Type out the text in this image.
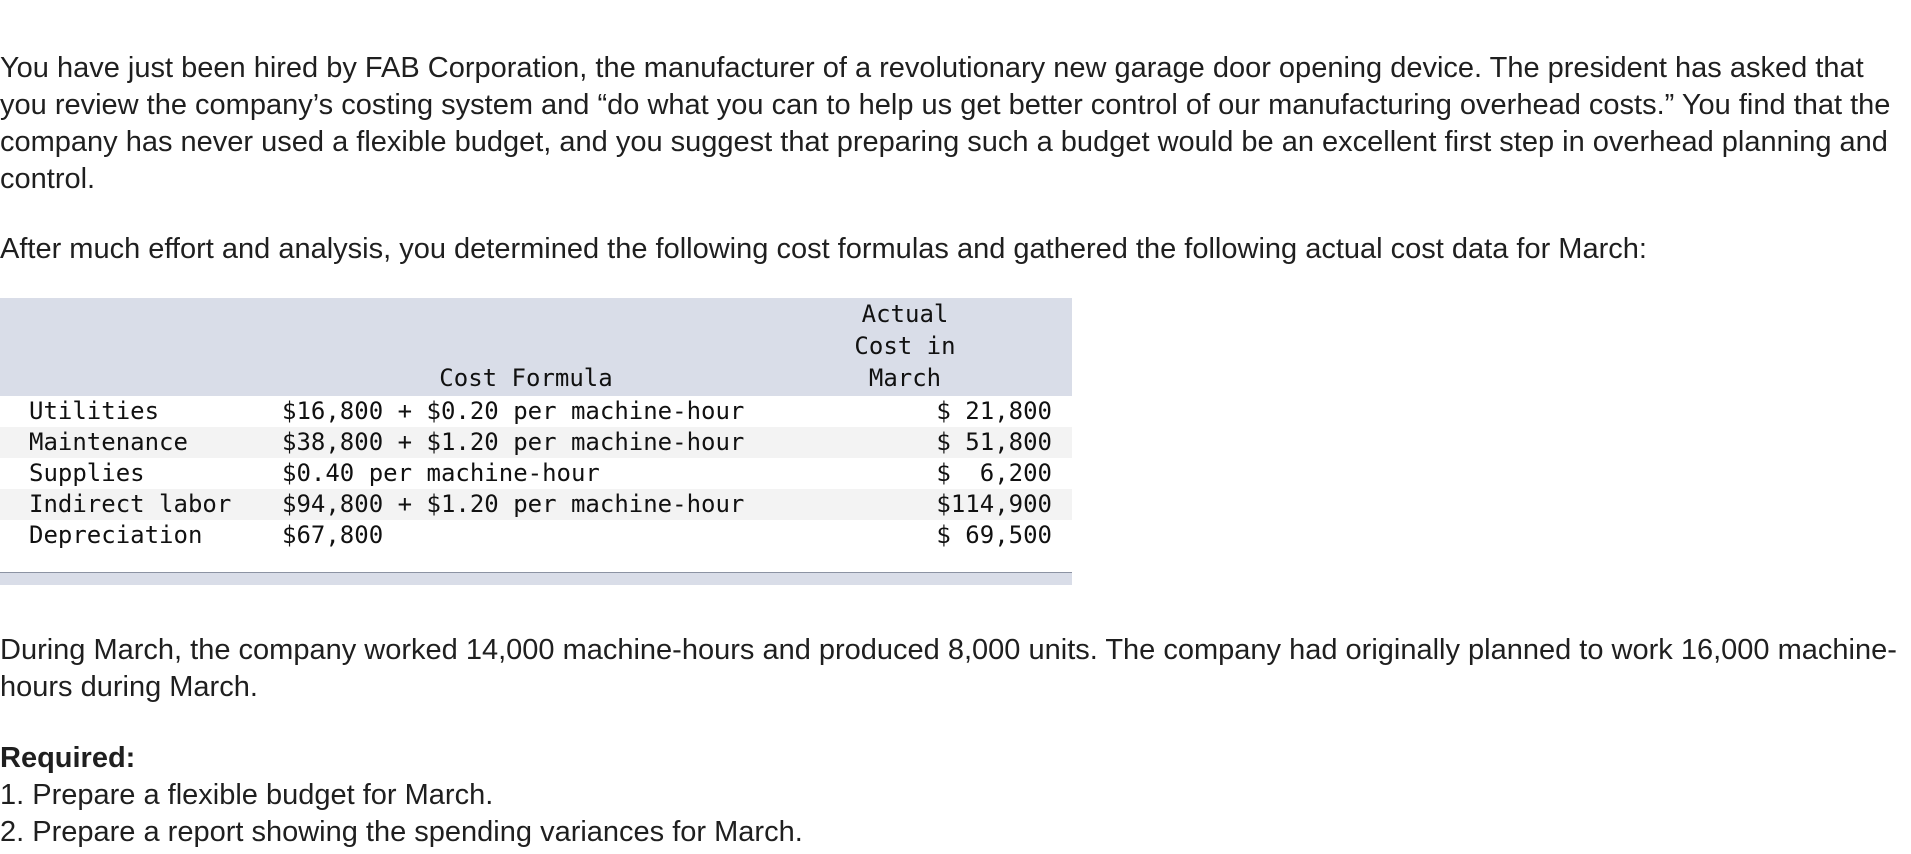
You have just been hired by FAB Corporation, the manufacturer of a revolutionary new garage door opening device. The president has asked that you review the company’s costing system and “do what you can to help us get better control of our manufacturing overhead costs.” You find that the company has never used a flexible budget, and you suggest that preparing such a budget would be an excellent first step in overhead planning and control.

After much effort and analysis, you determined the following cost formulas and gathered the following actual cost data for March:

	Cost Formula	Actual
Cost in
March	
Utilities	$16,800 + $0.20 per machine-hour	$ 21,800	
Maintenance	$38,800 + $1.20 per machine-hour	$ 51,800	
Supplies	$0.40 per machine-hour	$  6,200	
Indirect labor	$94,800 + $1.20 per machine-hour	$114,900	
Depreciation	$67,800	$ 69,500	

During March, the company worked 14,000 machine-hours and produced 8,000 units. The company had originally planned to work 16,000 machine-hours during March.

Required:

1. Prepare a flexible budget for March.

2. Prepare a report showing the spending variances for March.
